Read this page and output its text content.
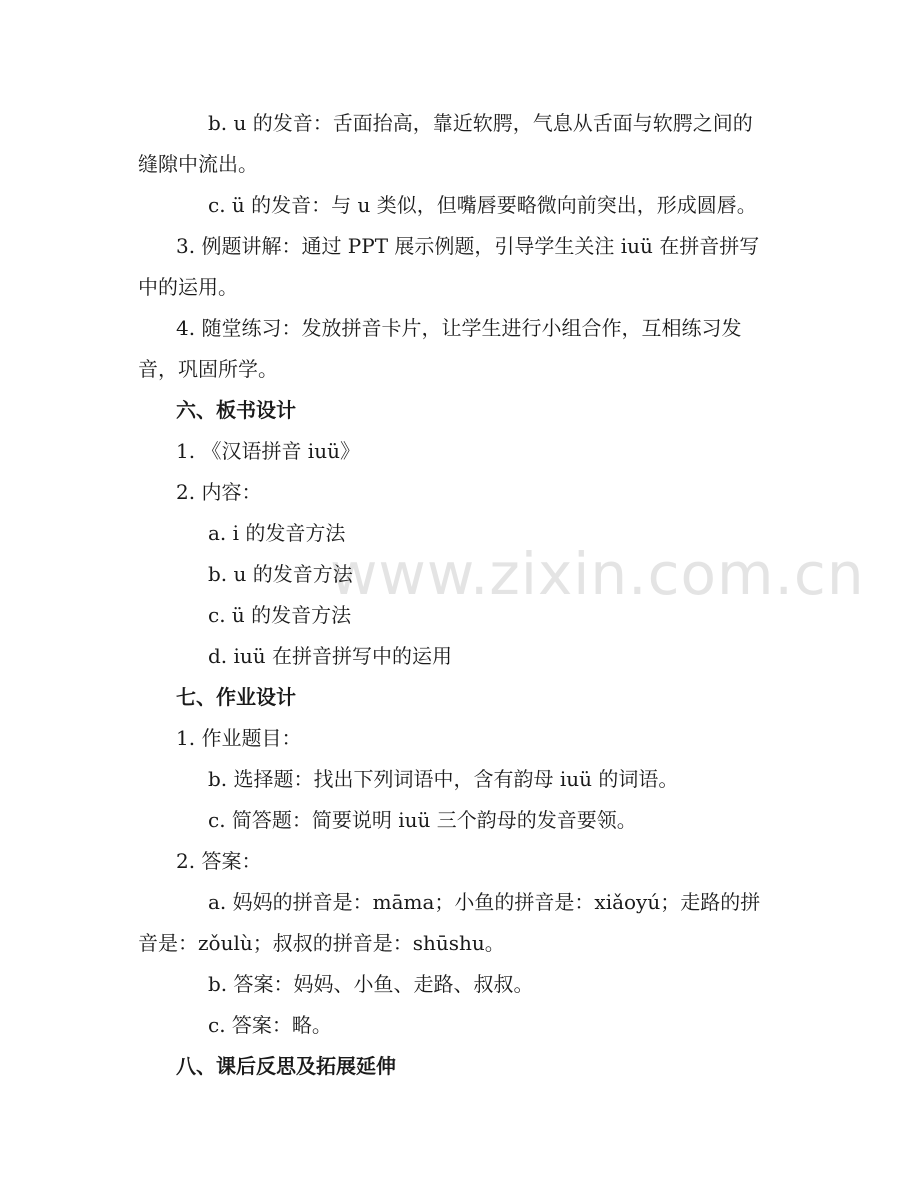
www.zixin.com.cn
b. u 的发音：舌面抬高，靠近软腭，气息从舌面与软腭之间的
缝隙中流出。
c. ü 的发音：与 u 类似，但嘴唇要略微向前突出，形成圆唇。
3. 例题讲解：通过 PPT 展示例题，引导学生关注 iuü 在拼音拼写
中的运用。
4. 随堂练习：发放拼音卡片，让学生进行小组合作，互相练习发
音，巩固所学。
六、板书设计
1. 《汉语拼音 iuü》
2. 内容：
a. i 的发音方法
b. u 的发音方法
c. ü 的发音方法
d. iuü 在拼音拼写中的运用
七、作业设计
1. 作业题目：
b. 选择题：找出下列词语中，含有韵母 iuü 的词语。
c. 简答题：简要说明 iuü 三个韵母的发音要领。
2. 答案：
a. 妈妈的拼音是：māma；小鱼的拼音是：xiǎoyú；走路的拼
音是：zǒulù；叔叔的拼音是：shūshu。
b. 答案：妈妈、小鱼、走路、叔叔。
c. 答案：略。
八、课后反思及拓展延伸
